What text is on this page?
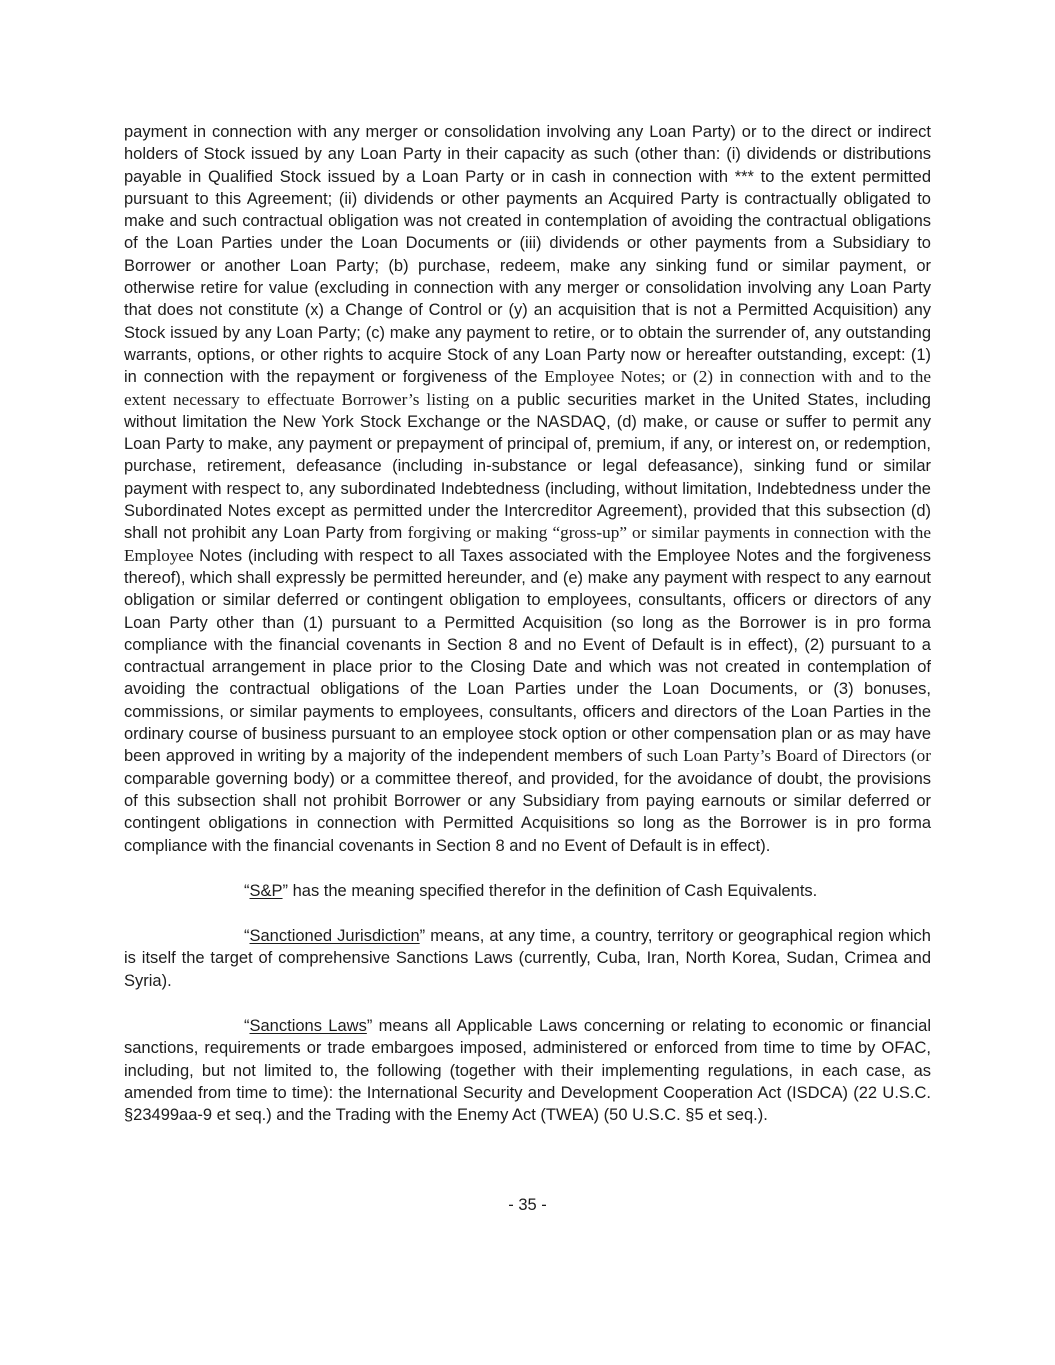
payment in connection with any merger or consolidation involving any Loan Party) or to the direct or indirect holders of Stock issued by any Loan Party in their capacity as such (other than: (i) dividends or distributions payable in Qualified Stock issued by a Loan Party or in cash in connection with *** to the extent permitted pursuant to this Agreement; (ii) dividends or other payments an Acquired Party is contractually obligated to make and such contractual obligation was not created in contemplation of avoiding the contractual obligations of the Loan Parties under the Loan Documents or (iii) dividends or other payments from a Subsidiary to Borrower or another Loan Party; (b) purchase, redeem, make any sinking fund or similar payment, or otherwise retire for value (excluding in connection with any merger or consolidation involving any Loan Party that does not constitute (x) a Change of Control or (y) an acquisition that is not a Permitted Acquisition) any Stock issued by any Loan Party; (c) make any payment to retire, or to obtain the surrender of, any outstanding warrants, options, or other rights to acquire Stock of any Loan Party now or hereafter outstanding, except: (1) in connection with the repayment or forgiveness of the Employee Notes; or (2) in connection with and to the extent necessary to effectuate Borrower’s listing on a public securities market in the United States, including without limitation the New York Stock Exchange or the NASDAQ, (d) make, or cause or suffer to permit any Loan Party to make, any payment or prepayment of principal of, premium, if any, or interest on, or redemption, purchase, retirement, defeasance (including in-substance or legal defeasance), sinking fund or similar payment with respect to, any subordinated Indebtedness (including, without limitation, Indebtedness under the Subordinated Notes except as permitted under the Intercreditor Agreement), provided that this subsection (d) shall not prohibit any Loan Party from forgiving or making “gross-up” or similar payments in connection with the Employee Notes (including with respect to all Taxes associated with the Employee Notes and the forgiveness thereof), which shall expressly be permitted hereunder, and (e) make any payment with respect to any earnout obligation or similar deferred or contingent obligation to employees, consultants, officers or directors of any Loan Party other than (1) pursuant to a Permitted Acquisition (so long as the Borrower is in pro forma compliance with the financial covenants in Section 8 and no Event of Default is in effect), (2) pursuant to a contractual arrangement in place prior to the Closing Date and which was not created in contemplation of avoiding the contractual obligations of the Loan Parties under the Loan Documents, or (3) bonuses, commissions, or similar payments to employees, consultants, officers and directors of the Loan Parties in the ordinary course of business pursuant to an employee stock option or other compensation plan or as may have been approved in writing by a majority of the independent members of such Loan Party’s Board of Directors (or comparable governing body) or a committee thereof, and provided, for the avoidance of doubt, the provisions of this subsection shall not prohibit Borrower or any Subsidiary from paying earnouts or similar deferred or contingent obligations in connection with Permitted Acquisitions so long as the Borrower is in pro forma compliance with the financial covenants in Section 8 and no Event of Default is in effect).

“S&P” has the meaning specified therefor in the definition of Cash Equivalents.

“Sanctioned Jurisdiction” means, at any time, a country, territory or geographical region which is itself the target of comprehensive Sanctions Laws (currently, Cuba, Iran, North Korea, Sudan, Crimea and Syria).

“Sanctions Laws” means all Applicable Laws concerning or relating to economic or financial sanctions, requirements or trade embargoes imposed, administered or enforced from time to time by OFAC, including, but not limited to, the following (together with their implementing regulations, in each case, as amended from time to time): the International Security and Development Cooperation Act (ISDCA) (22 U.S.C. §23499aa-9 et seq.) and the Trading with the Enemy Act (TWEA) (50 U.S.C. §5 et seq.).

- 35 -
